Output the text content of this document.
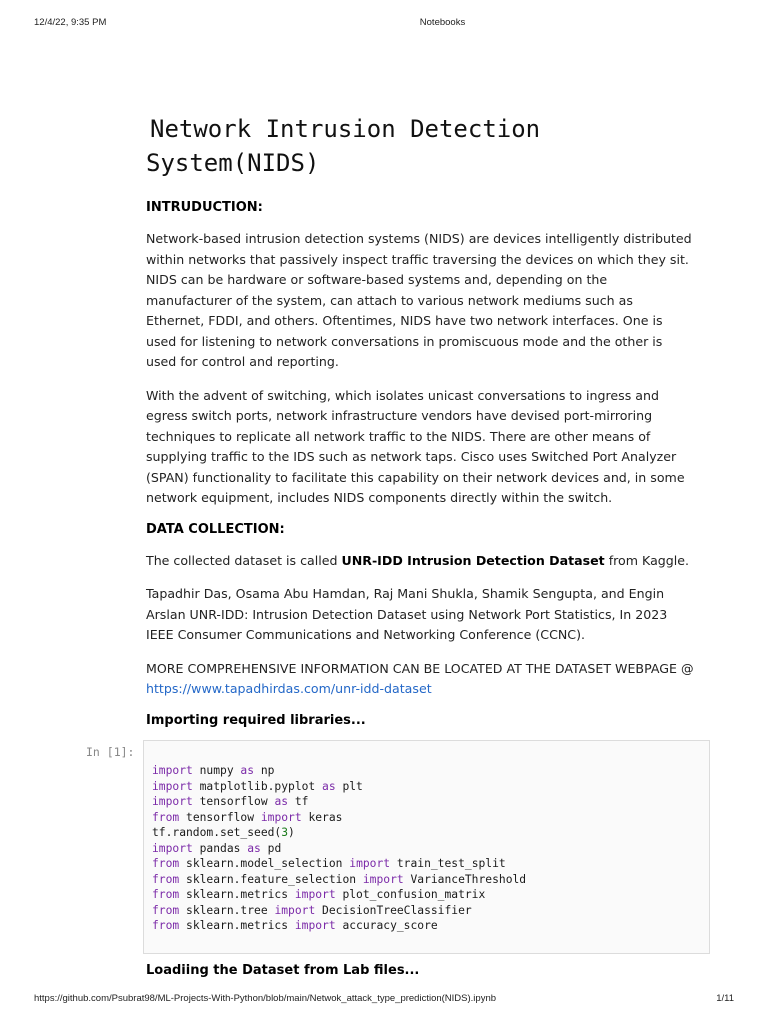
12/4/22, 9:35 PM	Notebooks
Network Intrusion Detection
System(NIDS)
INTRUDUCTION:

Network-based intrusion detection systems (NIDS) are devices intelligently distributed within networks that passively inspect traffic traversing the devices on which they sit. NIDS can be hardware or software-based systems and, depending on the manufacturer of the system, can attach to various network mediums such as Ethernet, FDDI, and others. Oftentimes, NIDS have two network interfaces. One is used for listening to network conversations in promiscuous mode and the other is used for control and reporting.

With the advent of switching, which isolates unicast conversations to ingress and egress switch ports, network infrastructure vendors have devised port-mirroring techniques to replicate all network traffic to the NIDS. There are other means of supplying traffic to the IDS such as network taps. Cisco uses Switched Port Analyzer (SPAN) functionality to facilitate this capability on their network devices and, in some network equipment, includes NIDS components directly within the switch.

DATA COLLECTION:

The collected dataset is called UNR-IDD Intrusion Detection Dataset from Kaggle.

Tapadhir Das, Osama Abu Hamdan, Raj Mani Shukla, Shamik Sengupta, and Engin Arslan UNR-IDD: Intrusion Detection Dataset using Network Port Statistics, In 2023 IEEE Consumer Communications and Networking Conference (CCNC).

MORE COMPREHENSIVE INFORMATION CAN BE LOCATED AT THE DATASET WEBPAGE @
https://www.tapadhirdas.com/unr-idd-dataset

Importing required libraries...
In [1]:
import numpy as np
import matplotlib.pyplot as plt
import tensorflow as tf
from tensorflow import keras
tf.random.set_seed(3)
import pandas as pd
from sklearn.model_selection import train_test_split
from sklearn.feature_selection import VarianceThreshold
from sklearn.metrics import plot_confusion_matrix
from sklearn.tree import DecisionTreeClassifier
from sklearn.metrics import accuracy_score
Loadiing the Dataset from Lab files...
https://github.com/Psubrat98/ML-Projects-With-Python/blob/main/Netwok_attack_type_prediction(NIDS).ipynb	1/11
